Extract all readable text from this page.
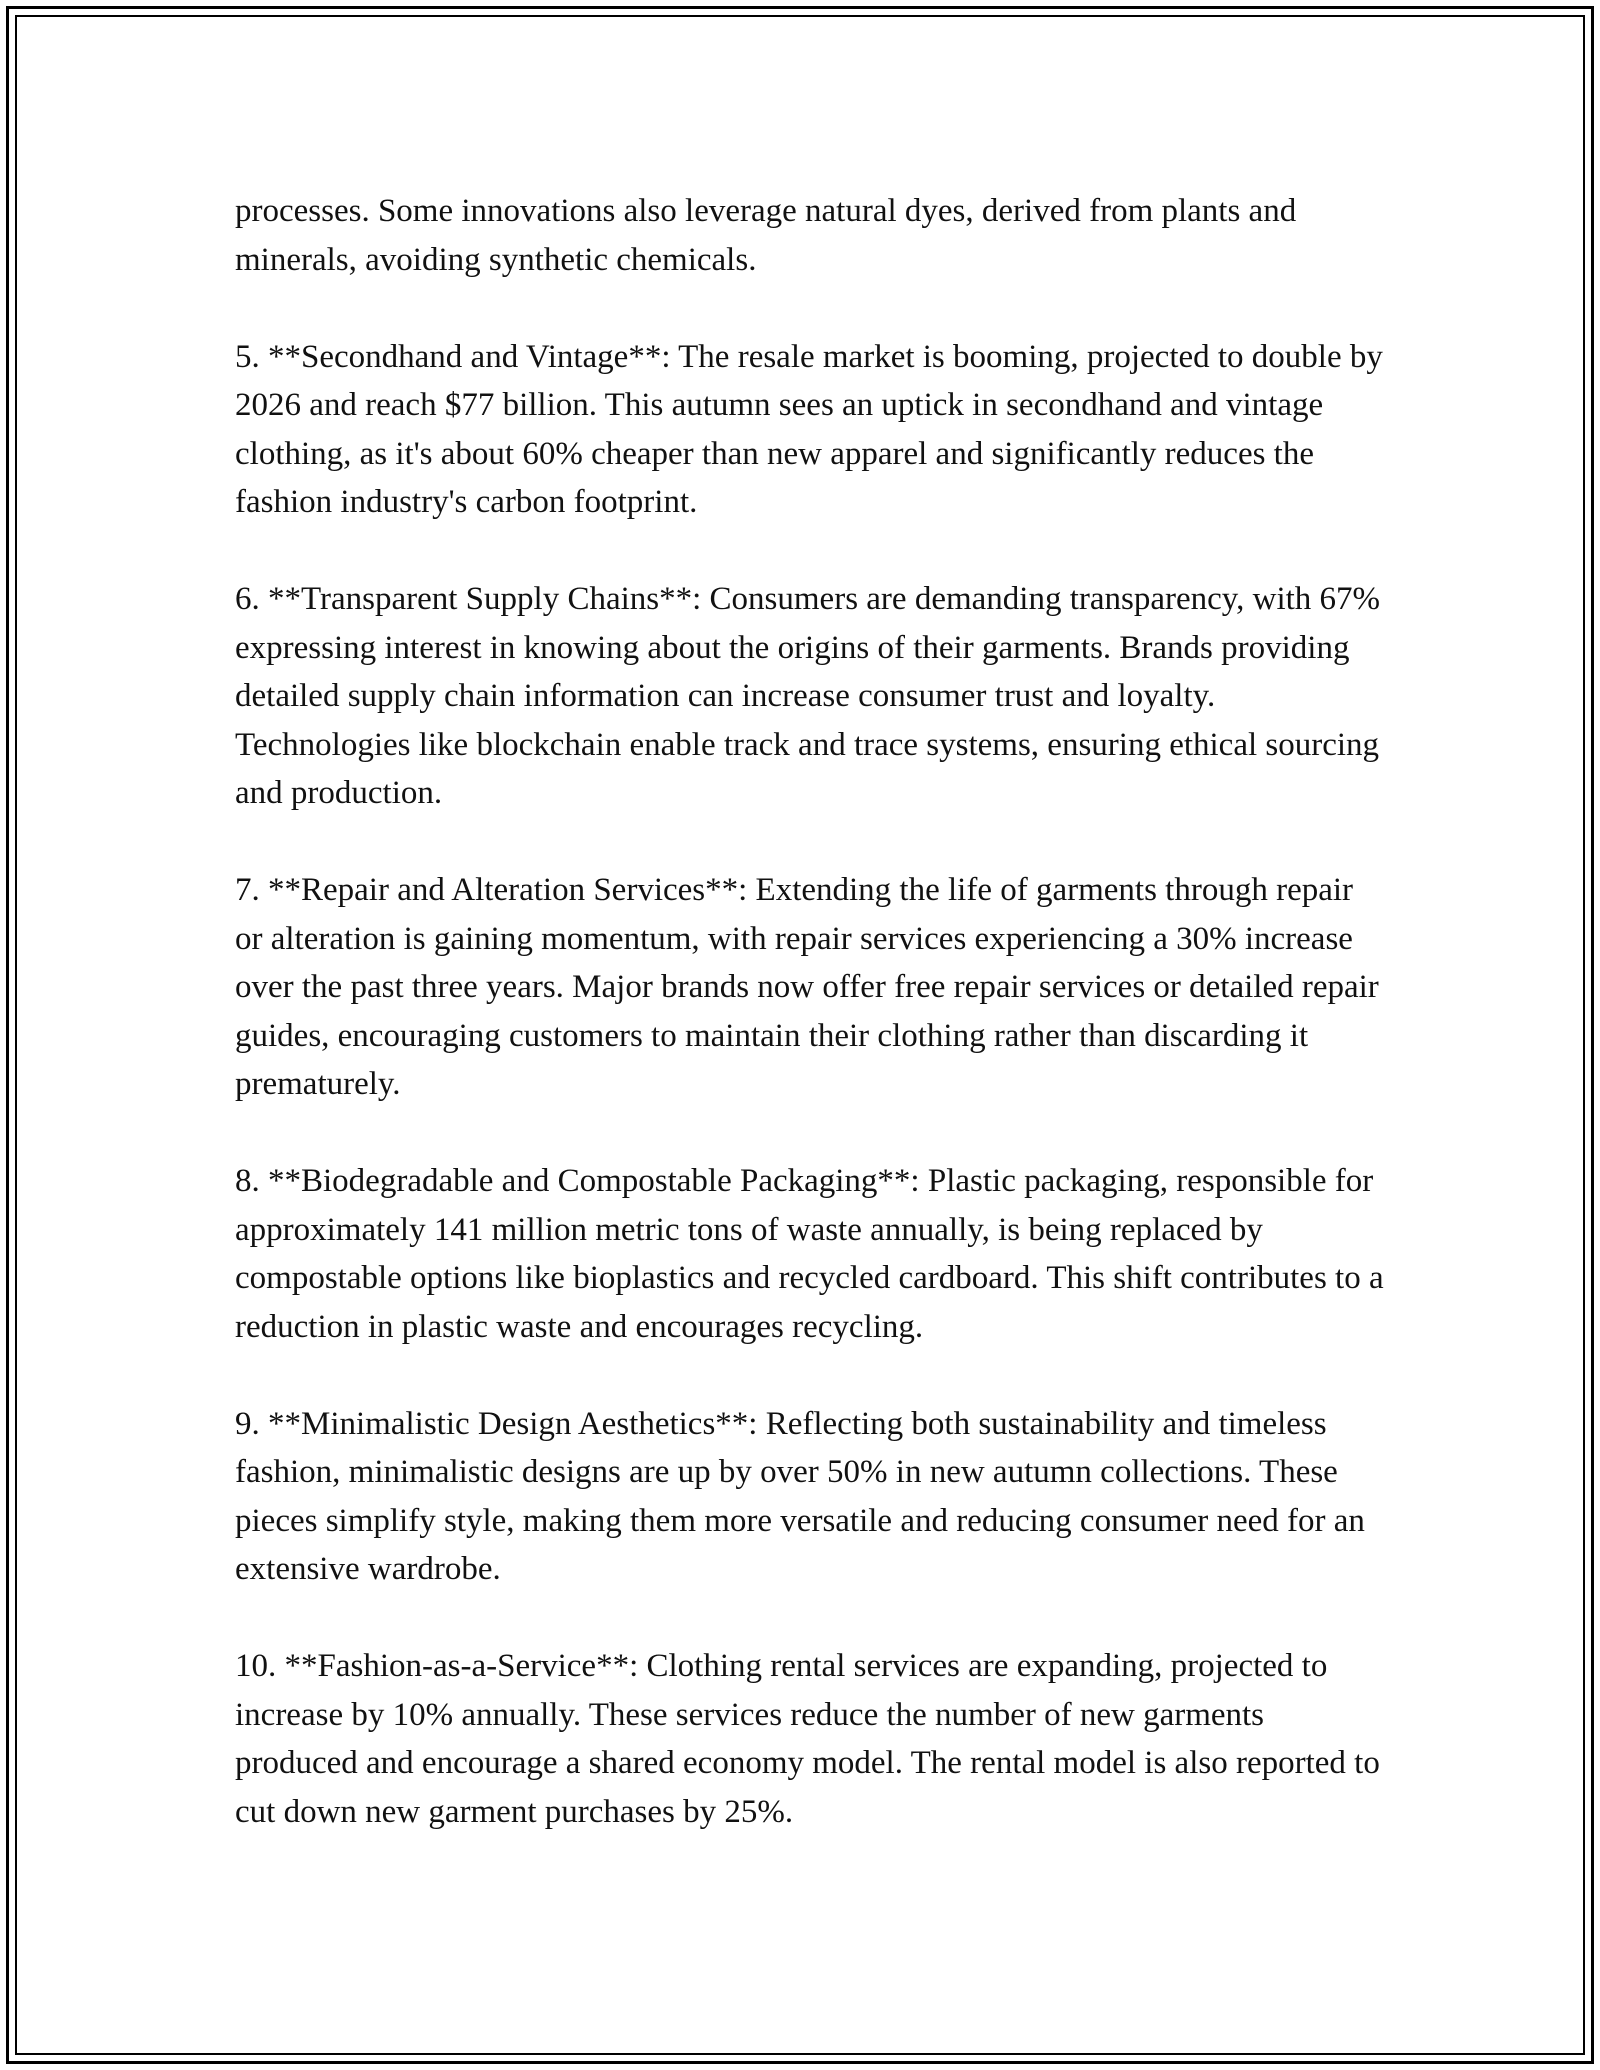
processes. Some innovations also leverage natural dyes, derived from plants and minerals, avoiding synthetic chemicals.

5. **Secondhand and Vintage**: The resale market is booming, projected to double by 2026 and reach $77 billion. This autumn sees an uptick in secondhand and vintage clothing, as it's about 60% cheaper than new apparel and significantly reduces the fashion industry's carbon footprint.

6. **Transparent Supply Chains**: Consumers are demanding transparency, with 67% expressing interest in knowing about the origins of their garments. Brands providing detailed supply chain information can increase consumer trust and loyalty. Technologies like blockchain enable track and trace systems, ensuring ethical sourcing and production.

7. **Repair and Alteration Services**: Extending the life of garments through repair or alteration is gaining momentum, with repair services experiencing a 30% increase over the past three years. Major brands now offer free repair services or detailed repair guides, encouraging customers to maintain their clothing rather than discarding it prematurely.

8. **Biodegradable and Compostable Packaging**: Plastic packaging, responsible for approximately 141 million metric tons of waste annually, is being replaced by compostable options like bioplastics and recycled cardboard. This shift contributes to a reduction in plastic waste and encourages recycling.

9. **Minimalistic Design Aesthetics**: Reflecting both sustainability and timeless fashion, minimalistic designs are up by over 50% in new autumn collections. These pieces simplify style, making them more versatile and reducing consumer need for an extensive wardrobe.

10. **Fashion-as-a-Service**: Clothing rental services are expanding, projected to increase by 10% annually. These services reduce the number of new garments produced and encourage a shared economy model. The rental model is also reported to cut down new garment purchases by 25%.
